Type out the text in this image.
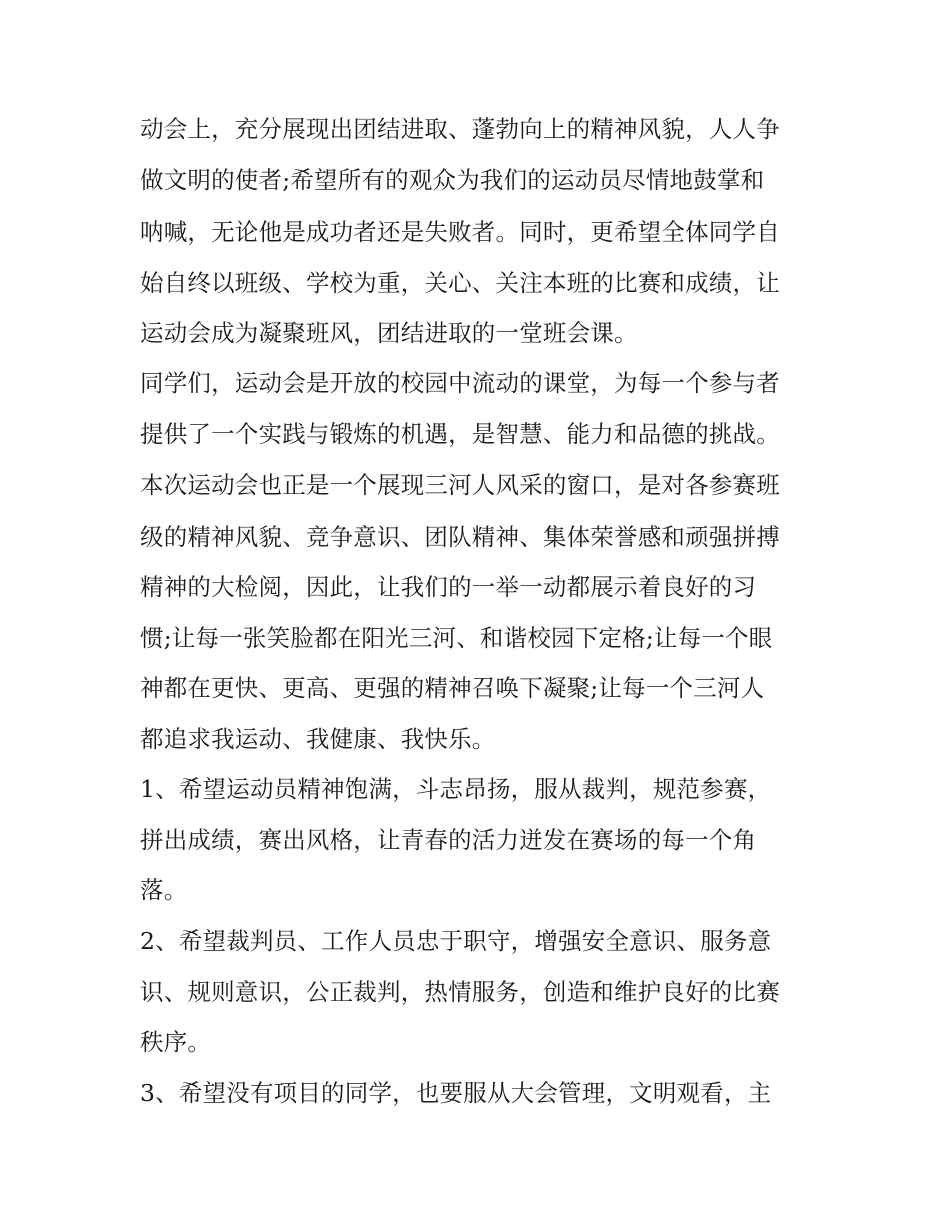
动会上，充分展现出团结进取、蓬勃向上的精神风貌，人人争
做文明的使者;希望所有的观众为我们的运动员尽情地鼓掌和
呐喊，无论他是成功者还是失败者。同时，更希望全体同学自
始自终以班级、学校为重，关心、关注本班的比赛和成绩，让
运动会成为凝聚班风，团结进取的一堂班会课。
同学们，运动会是开放的校园中流动的课堂，为每一个参与者
提供了一个实践与锻炼的机遇，是智慧、能力和品德的挑战。
本次运动会也正是一个展现三河人风采的窗口，是对各参赛班
级的精神风貌、竞争意识、团队精神、集体荣誉感和顽强拼搏
精神的大检阅，因此，让我们的一举一动都展示着良好的习
惯;让每一张笑脸都在阳光三河、和谐校园下定格;让每一个眼
神都在更快、更高、更强的精神召唤下凝聚;让每一个三河人
都追求我运动、我健康、我快乐。
1、希望运动员精神饱满，斗志昂扬，服从裁判，规范参赛，
拼出成绩，赛出风格，让青春的活力迸发在赛场的每一个角
落。
2、希望裁判员、工作人员忠于职守，增强安全意识、服务意
识、规则意识，公正裁判，热情服务，创造和维护良好的比赛
秩序。
3、希望没有项目的同学，也要服从大会管理，文明观看，主
